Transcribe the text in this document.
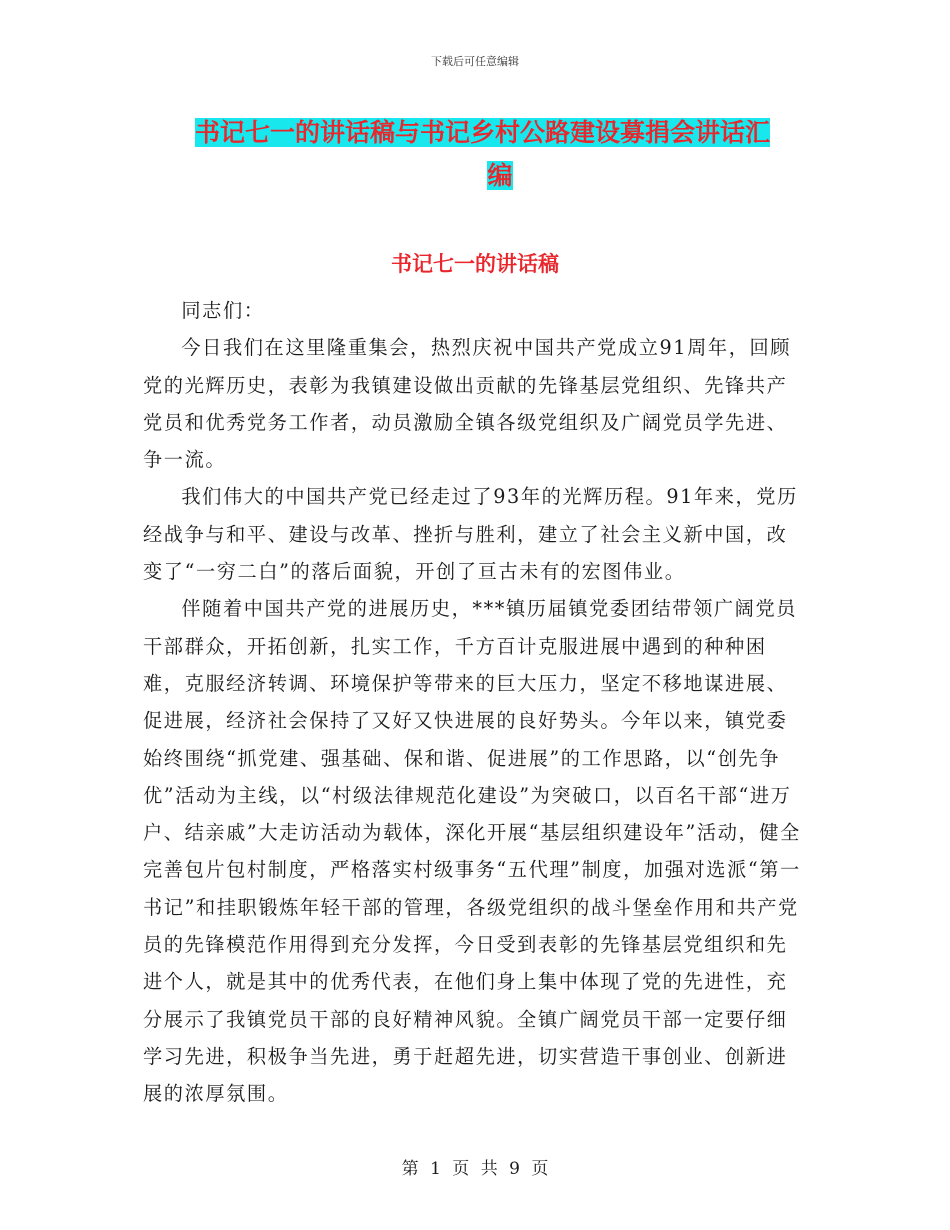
下载后可任意编辑
书记七一的讲话稿与书记乡村公路建设募捐会讲话汇
编
书记七一的讲话稿

同志们：

今日我们在这里隆重集会，热烈庆祝中国共产党成立91周年，回顾党的光辉历史，表彰为我镇建设做出贡献的先锋基层党组织、先锋共产党员和优秀党务工作者，动员激励全镇各级党组织及广阔党员学先进、争一流。

我们伟大的中国共产党已经走过了93年的光辉历程。91年来，党历经战争与和平、建设与改革、挫折与胜利，建立了社会主义新中国，改变了“一穷二白”的落后面貌，开创了亘古未有的宏图伟业。

伴随着中国共产党的进展历史，***镇历届镇党委团结带领广阔党员干部群众，开拓创新，扎实工作，千方百计克服进展中遇到的种种困难，克服经济转调、环境保护等带来的巨大压力，坚定不移地谋进展、促进展，经济社会保持了又好又快进展的良好势头。今年以来，镇党委始终围绕“抓党建、强基础、保和谐、促进展”的工作思路，以“创先争优”活动为主线，以“村级法律规范化建设”为突破口，以百名干部“进万户、结亲戚”大走访活动为载体，深化开展“基层组织建设年”活动，健全完善包片包村制度，严格落实村级事务“五代理”制度，加强对选派“第一书记”和挂职锻炼年轻干部的管理，各级党组织的战斗堡垒作用和共产党员的先锋模范作用得到充分发挥，今日受到表彰的先锋基层党组织和先进个人，就是其中的优秀代表，在他们身上集中体现了党的先进性，充分展示了我镇党员干部的良好精神风貌。全镇广阔党员干部一定要仔细学习先进，积极争当先进，勇于赶超先进，切实营造干事创业、创新进展的浓厚氛围。

第 1 页 共 9 页
